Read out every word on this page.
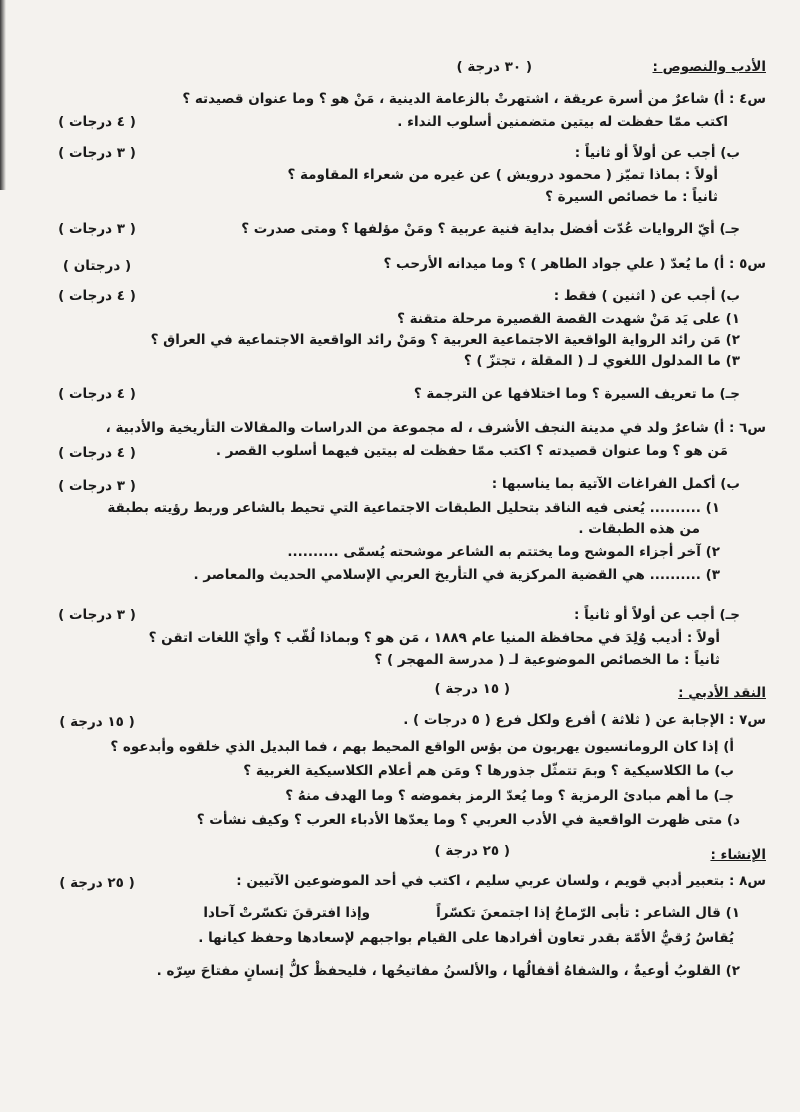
الأدب والنصوص :
( ٣٠ درجة )
س٤ : أ) شاعرٌ من أسرة عريقة ، اشتهرتْ بالزعامة الدينية ، مَنْ هو ؟ وما عنوان قصيدته ؟
اكتب ممّا حفظت له بيتين متضمنين أسلوب النداء .
( ٤ درجات )
ب) أجب عن أولاً أو ثانياً :
( ٣ درجات )
أولاً : بماذا تميّز ( محمود درويش ) عن غيره من شعراء المقاومة ؟
ثانياً : ما خصائص السيرة ؟
جـ) أيّ الروايات عُدّت أفضل بداية فنية عربية ؟ ومَنْ مؤلفها ؟ ومتى صدرت ؟
( ٣ درجات )
س٥ : أ) ما يُعدّ ( علي جواد الطاهر ) ؟ وما ميدانه الأرحب ؟
( درجتان )
ب) أجب عن ( اثنين ) فقط :
( ٤ درجات )
١) على يَد مَنْ شهدت القصة القصيرة مرحلة متقنة ؟
٢) مَن رائد الرواية الواقعية الاجتماعية العربية ؟ ومَنْ رائد الواقعية الاجتماعية في العراق ؟
٣) ما المدلول اللغوي لـ ( المقلة ، تجتزّ ) ؟
جـ) ما تعريف السيرة ؟ وما اختلافها عن الترجمة ؟
( ٤ درجات )
س٦ : أ) شاعرٌ ولد في مدينة النجف الأشرف ، له مجموعة من الدراسات والمقالات التأريخية والأدبية ،
مَن هو ؟ وما عنوان قصيدته ؟ اكتب ممّا حفظت له بيتين فيهما أسلوب القصر .
( ٤ درجات )
ب) أكمل الفراغات الآتية بما يناسبها :
( ٣ درجات )
١) .......... يُعنى فيه الناقد بتحليل الطبقات الاجتماعية التي تحيط بالشاعر وربط رؤيته بطبقة
من هذه الطبقات .
٢) آخر أجزاء الموشح وما يختتم به الشاعر موشحته يُسمّى ..........
٣) .......... هي القضية المركزية في التأريخ العربي الإسلامي الحديث والمعاصر .
جـ) أجب عن أولاً أو ثانياً :
( ٣ درجات )
أولاً : أديب وُلِدَ في محافظة المنيا عام ١٨٨٩ ، مَن هو ؟ وبماذا لُقّب ؟ وأيّ اللغات اتقن ؟
ثانياً : ما الخصائص الموضوعية لـ ( مدرسة المهجر ) ؟
النقد الأدبي :
( ١٥ درجة )
س٧ : الإجابة عن ( ثلاثة ) أفرع ولكل فرع ( ٥ درجات ) .
( ١٥ درجة )
أ) إذا كان الرومانسيون يهربون من بؤس الواقع المحيط بهم ، فما البديل الذي خلقوه وأبدعوه ؟
ب) ما الكلاسيكية ؟ وبمَ تتمثّل جذورها ؟ ومَن هم أعلام الكلاسيكية الغربية ؟
جـ) ما أهم مبادئ الرمزية ؟ وما يُعدّ الرمز بغموضه ؟ وما الهدف منهُ ؟
د) متى ظهرت الواقعية في الأدب العربي ؟ وما يعدّها الأدباء العرب ؟ وكيف نشأت ؟
الإنشاء :
( ٢٥ درجة )
س٨ : بتعبير أدبي قويم ، ولسان عربي سليم ، اكتب في أحد الموضوعين الآتيين :
( ٢٥ درجة )
١) قال الشاعر : تأبى الرّماحُ إذا اجتمعنَ تكسّراً
وإذا افترقنَ تكسّرتْ آحادا
يُقاسُ رُقيُّ الأمّة بقدر تعاون أفرادها على القيام بواجبهم لإسعادها وحفظ كيانها .
٢) القلوبُ أوعيةٌ ، والشفاهُ أقفالُها ، والألسنُ مفاتيحُها ، فليحفظْ كلُّ إنسانٍ مفتاحَ سِرّه .
